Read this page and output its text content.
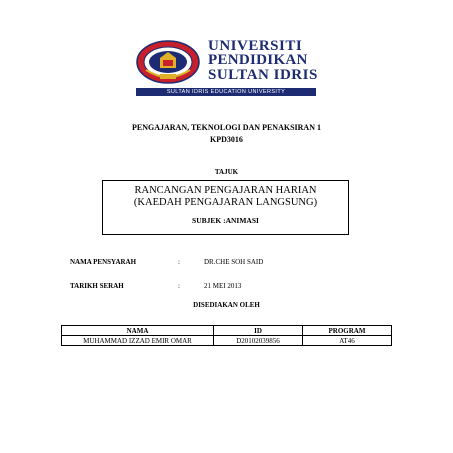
UNIVERSITI
PENDIDIKAN
SULTAN IDRIS
SULTAN IDRIS EDUCATION UNIVERSITY
PENGAJARAN, TEKNOLOGI DAN PENAKSIRAN 1
KPD3016
TAJUK
RANCANGAN PENGAJARAN HARIAN
(KAEDAH PENGAJARAN LANGSUNG)
SUBJEK :ANIMASI
NAMA PENSYARAH	:	DR.CHE SOH SAID
TARIKH SERAH	:	21 MEI 2013
DISEDIAKAN OLEH
NAMA	ID	PROGRAM
MUHAMMAD IZZAD EMIR OMAR	D20102039856	AT46
